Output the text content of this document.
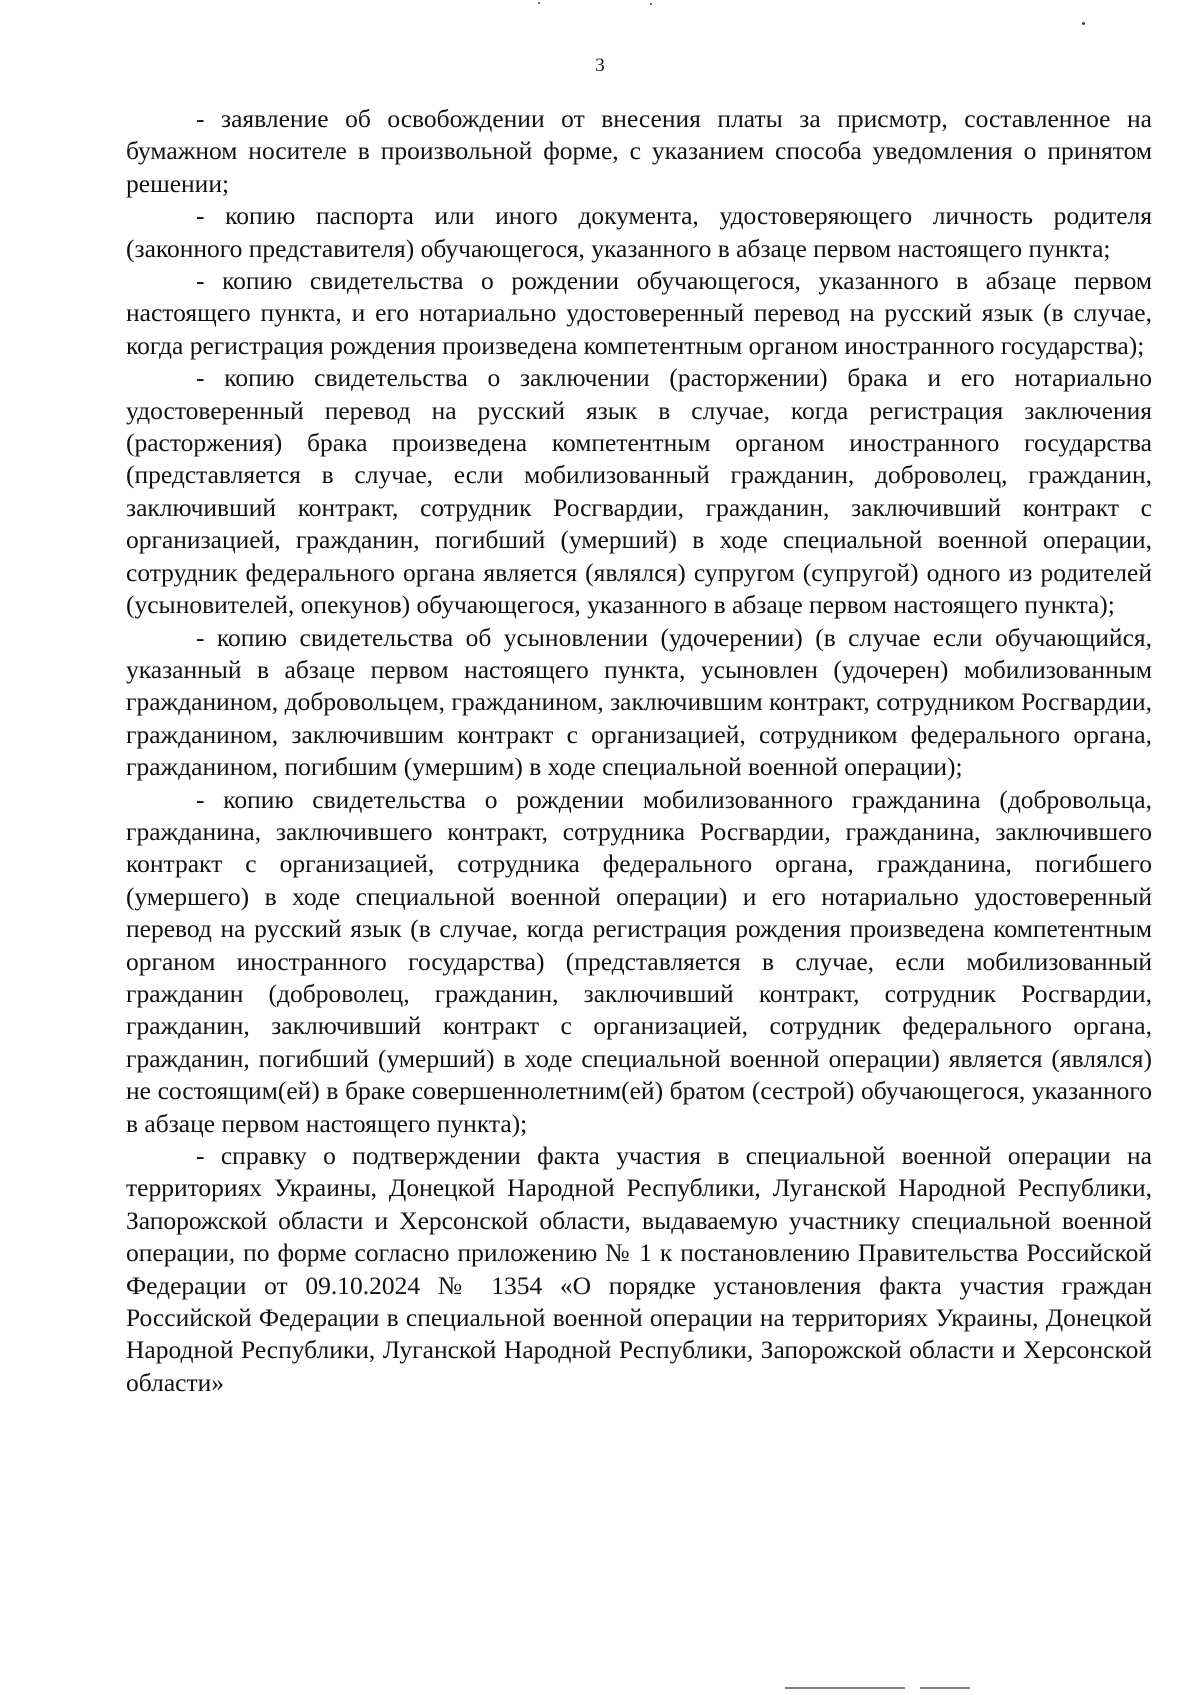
3

- заявление об освобождении от внесения платы за присмотр, составленное на бумажном носителе в произвольной форме, с указанием способа уведомления о принятом решении;

- копию паспорта или иного документа, удостоверяющего личность родителя (законного представителя) обучающегося, указанного в абзаце первом настоящего пункта;

- копию свидетельства о рождении обучающегося, указанного в абзаце первом настоящего пункта, и его нотариально удостоверенный перевод на русский язык (в случае, когда регистрация рождения произведена компетентным органом иностранного государства);

- копию свидетельства о заключении (расторжении) брака и его нотариально удостоверенный перевод на русский язык в случае, когда регистрация заключения (расторжения) брака произведена компетентным органом иностранного государства (представляется в случае, если мобилизованный гражданин, доброволец, гражданин, заключивший контракт, сотрудник Росгвардии, гражданин, заключивший контракт с организацией, гражданин, погибший (умерший) в ходе специальной военной операции, сотрудник федерального органа является (являлся) супругом (супругой) одного из родителей (усыновителей, опекунов) обучающегося, указанного в абзаце первом настоящего пункта);

- копию свидетельства об усыновлении (удочерении) (в случае если обучающийся, указанный в абзаце первом настоящего пункта, усыновлен (удочерен) мобилизованным гражданином, добровольцем, гражданином, заключившим контракт, сотрудником Росгвардии, гражданином, заключившим контракт с организацией, сотрудником федерального органа, гражданином, погибшим (умершим) в ходе специальной военной операции);

- копию свидетельства о рождении мобилизованного гражданина (добровольца, гражданина, заключившего контракт, сотрудника Росгвардии, гражданина, заключившего контракт с организацией, сотрудника федерального органа, гражданина, погибшего (умершего) в ходе специальной военной операции) и его нотариально удостоверенный перевод на русский язык (в случае, когда регистрация рождения произведена компетентным органом иностранного государства) (представляется в случае, если мобилизованный гражданин (доброволец, гражданин, заключивший контракт, сотрудник Росгвардии, гражданин, заключивший контракт с организацией, сотрудник федерального органа, гражданин, погибший (умерший) в ходе специальной военной операции) является (являлся) не состоящим(ей) в браке совершеннолетним(ей) братом (сестрой) обучающегося, указанного в абзаце первом настоящего пункта);

- справку о подтверждении факта участия в специальной военной операции на территориях Украины, Донецкой Народной Республики, Луганской Народной Республики, Запорожской области и Херсонской области, выдаваемую участнику специальной военной операции, по форме согласно приложению № 1 к постановлению Правительства Российской Федерации от 09.10.2024 № 1354 «О порядке установления факта участия граждан Российской Федерации в специальной военной операции на территориях Украины, Донецкой Народной Республики, Луганской Народной Республики, Запорожской области и Херсонской области»
